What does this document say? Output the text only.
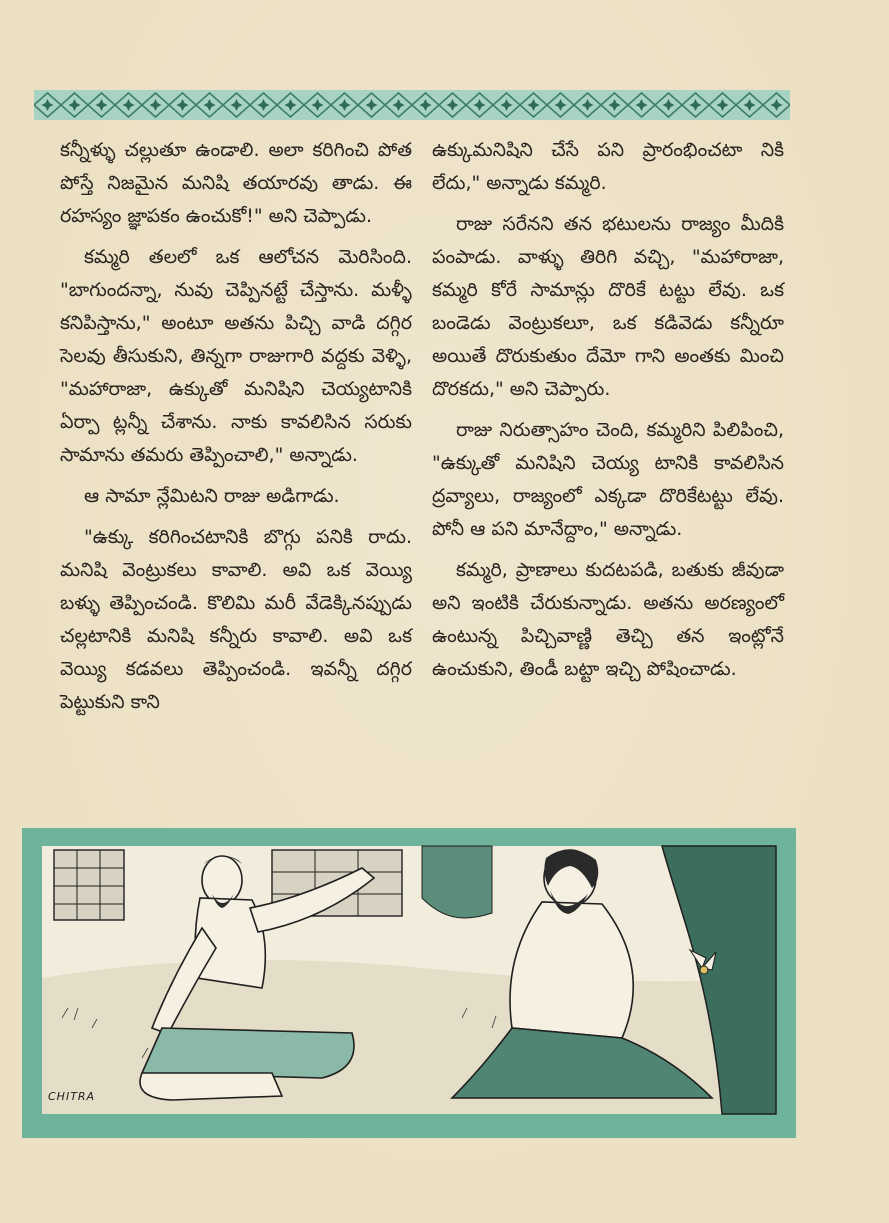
కన్నీళ్ళు చల్లుతూ ఉండాలి. అలా కరిగించి పోత పోస్తే నిజమైన మనిషి తయారవు తాడు. ఈ రహస్యం జ్ఞాపకం ఉంచుకో!" అని చెప్పాడు.

కమ్మరి తలలో ఒక ఆలోచన మెరిసింది. "బాగుందన్నా, నువు చెప్పినట్టే చేస్తాను. మళ్ళీ కనిపిస్తాను," అంటూ అతను పిచ్చి వాడి దగ్గిర సెలవు తీసుకుని, తిన్నగా రాజుగారి వద్దకు వెళ్ళి, "మహారాజా, ఉక్కుతో మనిషిని చెయ్యటానికి ఏర్పా ట్లన్నీ చేశాను. నాకు కావలిసిన సరుకు సామాను తమరు తెప్పించాలి," అన్నాడు.

ఆ సామా న్లేమిటని రాజు అడిగాడు.

"ఉక్కు కరిగించటానికి బొగ్గు పనికి రాదు. మనిషి వెంట్రుకలు కావాలి. అవి ఒక వెయ్యి బళ్ళు తెప్పించండి. కొలిమి మరీ వేడెక్కినప్పుడు చల్లటానికి మనిషి కన్నీరు కావాలి. అవి ఒక వెయ్యి కడవలు తెప్పించండి. ఇవన్నీ దగ్గిర పెట్టుకుని కాని

ఉక్కుమనిషిని చేసే పని ప్రారంభించటా నికి లేదు," అన్నాడు కమ్మరి.

రాజు సరేనని తన భటులను రాజ్యం మీదికి పంపాడు. వాళ్ళు తిరిగి వచ్చి, "మహారాజా, కమ్మరి కోరే సామాన్లు దొరికే టట్టు లేవు. ఒక బండెడు వెంట్రుకలూ, ఒక కడివెడు కన్నీరూ అయితే దొరుకుతుం దేమో గాని అంతకు మించి దొరకదు," అని చెప్పారు.

రాజు నిరుత్సాహం చెంది, కమ్మరిని పిలిపించి, "ఉక్కుతో మనిషిని చెయ్య టానికి కావలిసిన ద్రవ్యాలు, రాజ్యంలో ఎక్కడా దొరికేటట్టు లేవు. పోనీ ఆ పని మానేద్దాం," అన్నాడు.

కమ్మరి, ప్రాణాలు కుదటపడి, బతుకు జీవుడా అని ఇంటికి చేరుకున్నాడు. అతను అరణ్యంలో ఉంటున్న పిచ్చివాణ్ణి తెచ్చి తన ఇంట్లోనే ఉంచుకుని, తిండీ బట్టా ఇచ్చి పోషించాడు.

CHITRA
